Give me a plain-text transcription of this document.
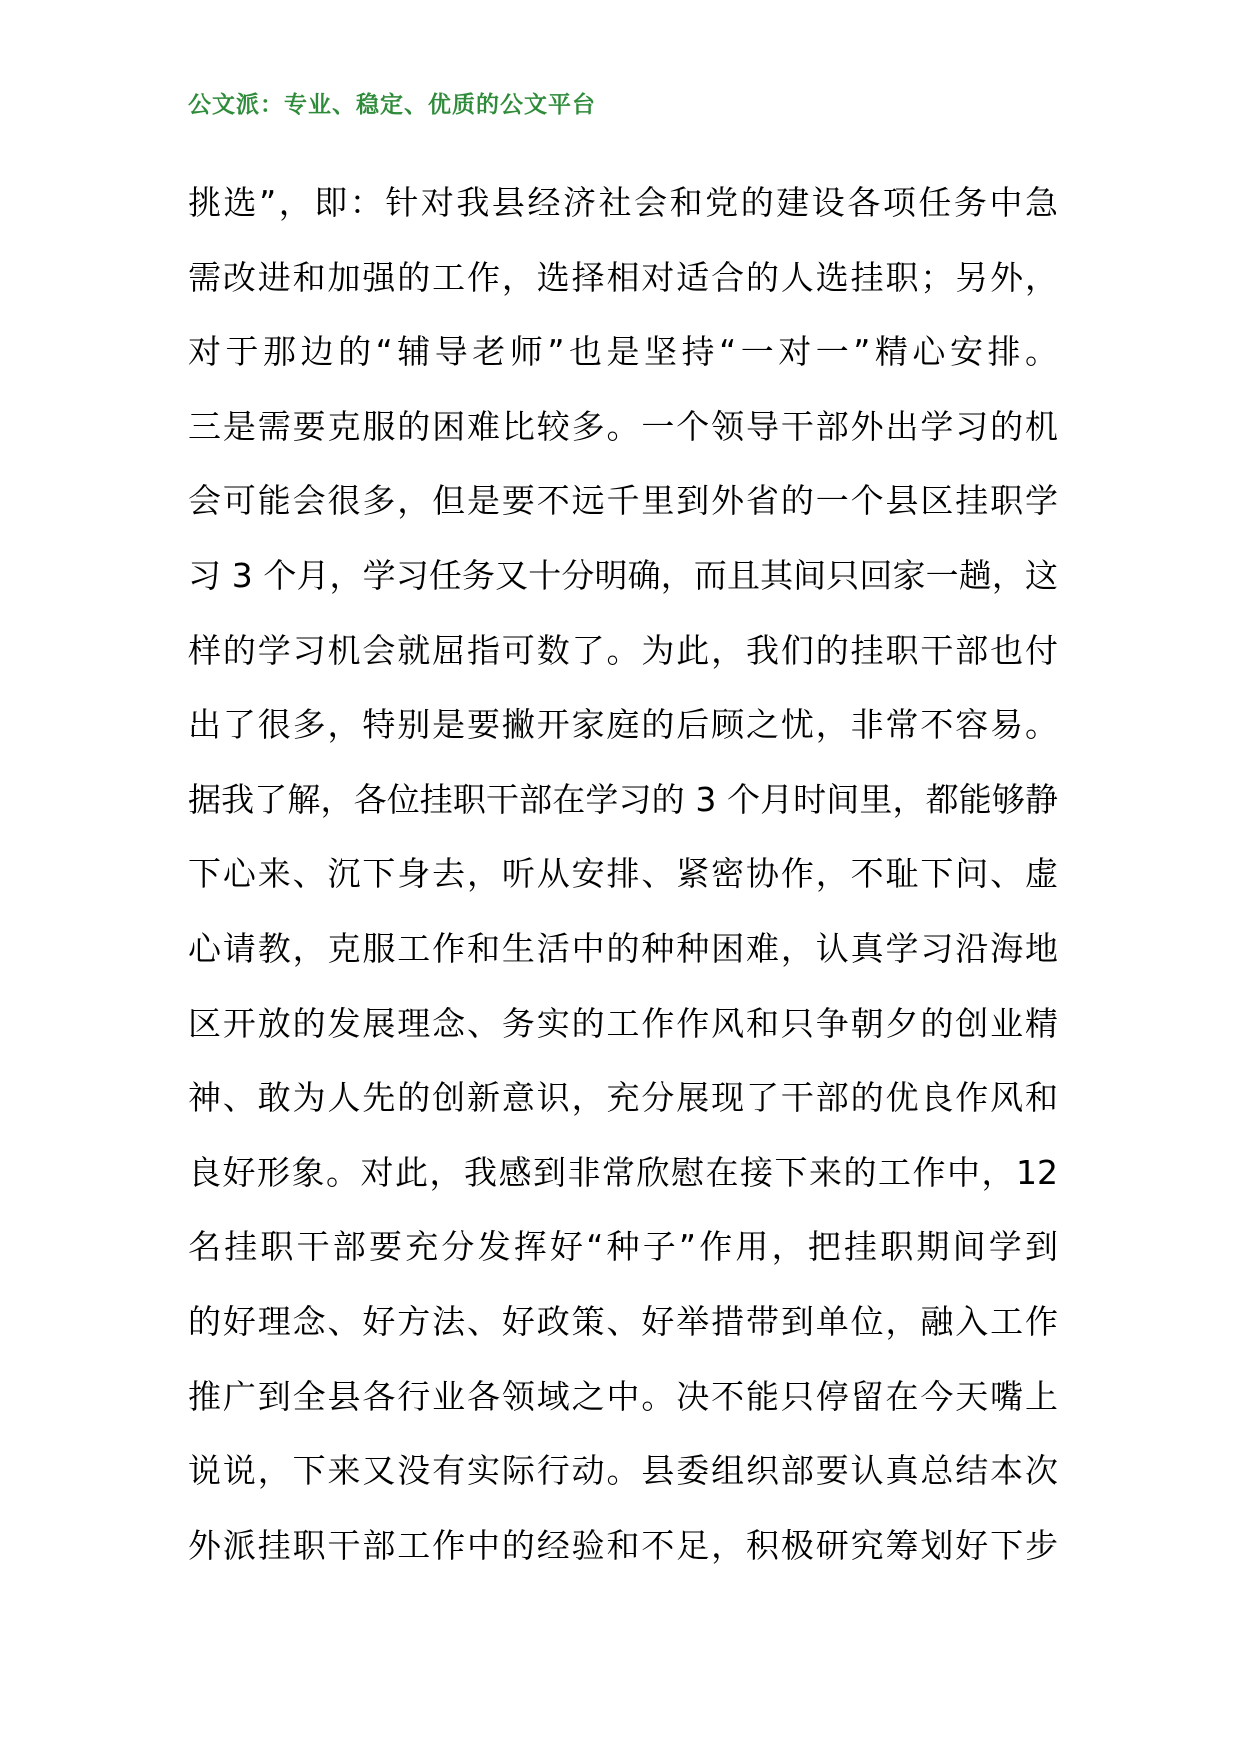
公文派：专业、稳定、优质的公文平台
挑选”，即：针对我县经济社会和党的建设各项任务中急
需改进和加强的工作，选择相对适合的人选挂职；另外，
对于那边的“辅导老师”也是坚持“一对一”精心安排。
三是需要克服的困难比较多。一个领导干部外出学习的机
会可能会很多，但是要不远千里到外省的一个县区挂职学
习 3 个月，学习任务又十分明确，而且其间只回家一趟，这
样的学习机会就屈指可数了。为此，我们的挂职干部也付
出了很多，特别是要撇开家庭的后顾之忧，非常不容易。
据我了解，各位挂职干部在学习的 3 个月时间里，都能够静
下心来、沉下身去，听从安排、紧密协作，不耻下问、虚
心请教，克服工作和生活中的种种困难，认真学习沿海地
区开放的发展理念、务实的工作作风和只争朝夕的创业精
神、敢为人先的创新意识，充分展现了干部的优良作风和
良好形象。对此，我感到非常欣慰在接下来的工作中，12
名挂职干部要充分发挥好“种子”作用，把挂职期间学到
的好理念、好方法、好政策、好举措带到单位，融入工作
推广到全县各行业各领域之中。决不能只停留在今天嘴上
说说，下来又没有实际行动。县委组织部要认真总结本次
外派挂职干部工作中的经验和不足，积极研究筹划好下步
